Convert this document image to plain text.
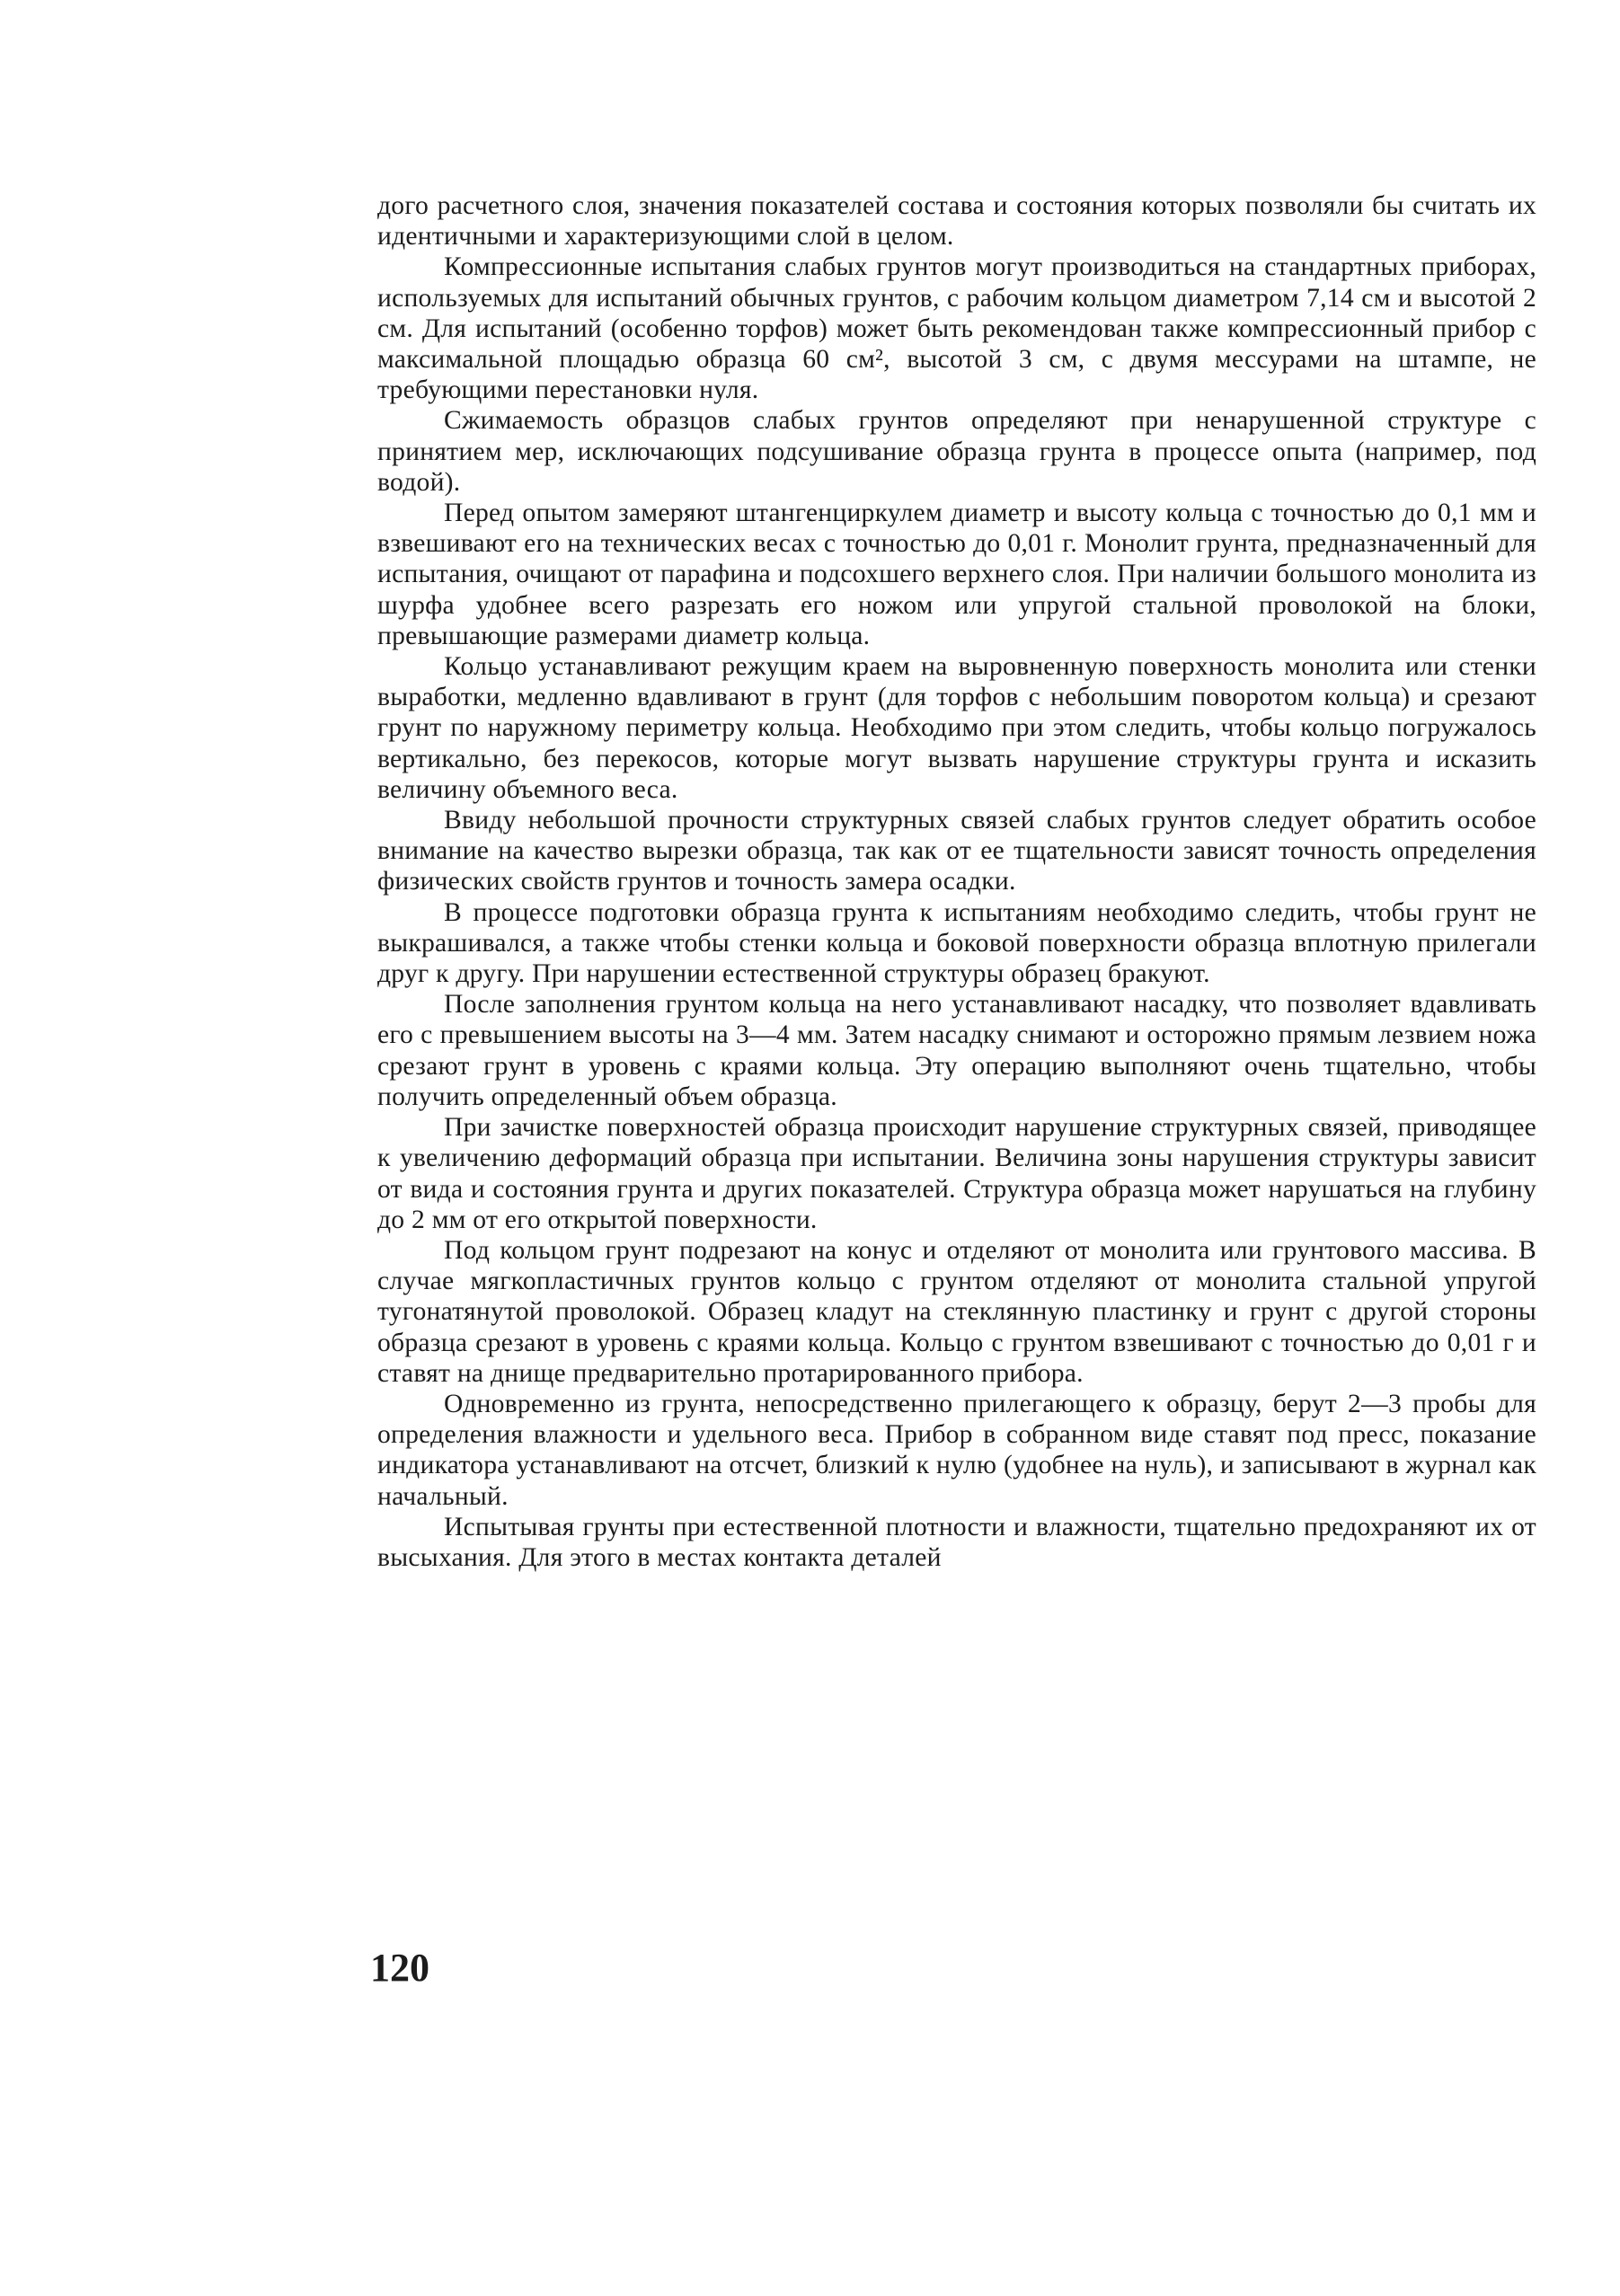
дого расчетного слоя, значения показателей состава и состояния которых позволяли бы считать их идентичными и характеризующими слой в целом.

Компрессионные испытания слабых грунтов могут производиться на стандартных приборах, используемых для испытаний обычных грунтов, с рабочим кольцом диаметром 7,14 см и высотой 2 см. Для испытаний (особенно торфов) может быть рекомендован также компрессионный прибор с максимальной площадью образца 60 см², высотой 3 см, с двумя мессурами на штампе, не требующими перестановки нуля.

Сжимаемость образцов слабых грунтов определяют при ненарушенной структуре с принятием мер, исключающих подсушивание образца грунта в процессе опыта (например, под водой).

Перед опытом замеряют штангенциркулем диаметр и высоту кольца с точностью до 0,1 мм и взвешивают его на технических весах с точностью до 0,01 г. Монолит грунта, предназначенный для испытания, очищают от парафина и подсохшего верхнего слоя. При наличии большого монолита из шурфа удобнее всего разрезать его ножом или упругой стальной проволокой на блоки, превышающие размерами диаметр кольца.

Кольцо устанавливают режущим краем на выровненную поверхность монолита или стенки выработки, медленно вдавливают в грунт (для торфов с небольшим поворотом кольца) и срезают грунт по наружному периметру кольца. Необходимо при этом следить, чтобы кольцо погружалось вертикально, без перекосов, которые могут вызвать нарушение структуры грунта и исказить величину объемного веса.

Ввиду небольшой прочности структурных связей слабых грунтов следует обратить особое внимание на качество вырезки образца, так как от ее тщательности зависят точность определения физических свойств грунтов и точность замера осадки.

В процессе подготовки образца грунта к испытаниям необходимо следить, чтобы грунт не выкрашивался, а также чтобы стенки кольца и боковой поверхности образца вплотную прилегали друг к другу. При нарушении естественной структуры образец бракуют.

После заполнения грунтом кольца на него устанавливают насадку, что позволяет вдавливать его с превышением высоты на 3—4 мм. Затем насадку снимают и осторожно прямым лезвием ножа срезают грунт в уровень с краями кольца. Эту операцию выполняют очень тщательно, чтобы получить определенный объем образца.

При зачистке поверхностей образца происходит нарушение структурных связей, приводящее к увеличению деформаций образца при испытании. Величина зоны нарушения структуры зависит от вида и состояния грунта и других показателей. Структура образца может нарушаться на глубину до 2 мм от его открытой поверхности.

Под кольцом грунт подрезают на конус и отделяют от монолита или грунтового массива. В случае мягкопластичных грунтов кольцо с грунтом отделяют от монолита стальной упругой тугонатянутой проволокой. Образец кладут на стеклянную пластинку и грунт с другой стороны образца срезают в уровень с краями кольца. Кольцо с грунтом взвешивают с точностью до 0,01 г и ставят на днище предварительно протарированного прибора.

Одновременно из грунта, непосредственно прилегающего к образцу, берут 2—3 пробы для определения влажности и удельного веса. Прибор в собранном виде ставят под пресс, показание индикатора устанавливают на отсчет, близкий к нулю (удобнее на нуль), и записывают в журнал как начальный.

Испытывая грунты при естественной плотности и влажности, тщательно предохраняют их от высыхания. Для этого в местах контакта деталей

120
